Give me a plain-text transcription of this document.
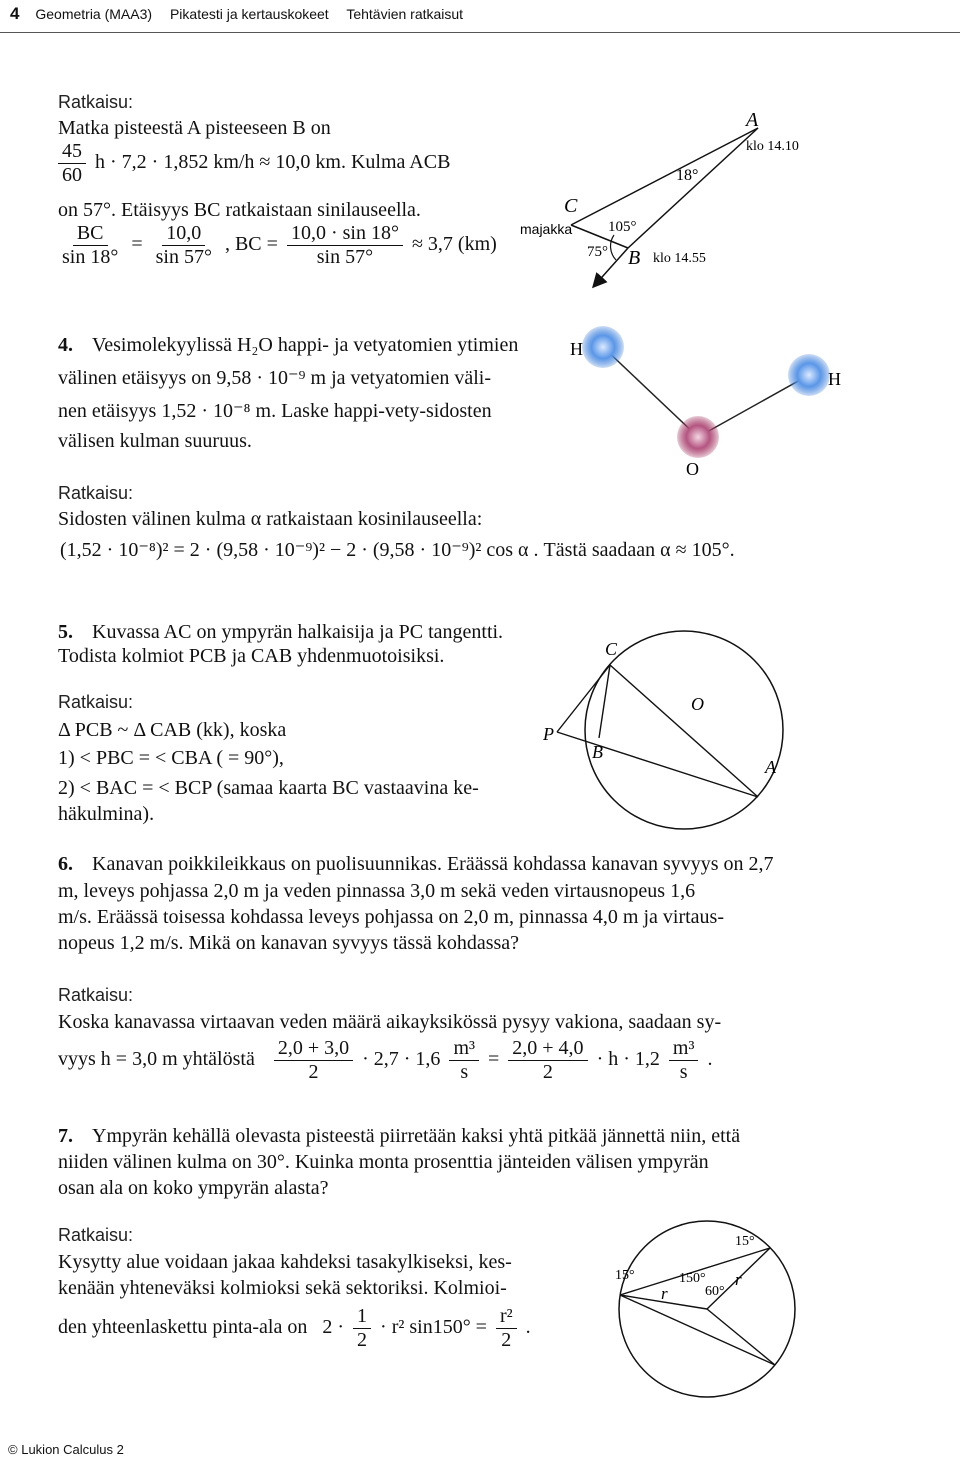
4 Geometria (MAA3) Pikatesti ja kertauskokeet Tehtävien ratkaisut
Ratkaisu:
Matka pisteestä A pisteeseen B on
$\frac{45}{60}$ h · 7,2 · 1,852 km/h ≈ 10,0 km. Kulma ACB
on 57°. Etäisyys BC ratkaistaan sinilauseella.
$\frac{BC}{\sin 18^\circ} = \frac{10,0}{\sin 57^\circ}$ , BC = $\frac{10,0 \cdot \sin 18^\circ}{\sin 57^\circ} \approx 3,7$ (km)
A
klo 14.10
18°
C
majakka 105°
75° B klo 14.55
4. Vesimolekyylissä H₂O happi- ja vetyatomien ytimien
välinen etäisyys on 9,58 · 10⁻⁹ m ja vetyatomien väli-
nen etäisyys 1,52 · 10⁻⁸ m. Laske happi-vety-sidosten
välisen kulman suuruus.
Ratkaisu:
Sidosten välinen kulma α ratkaistaan kosinilauseella:
(1,52 · 10⁻⁸)² = 2 · (9,58 · 10⁻⁹)² − 2 · (9,58 · 10⁻⁹)² cos α . Tästä saadaan α ≈ 105°.
H
H
O
5. Kuvassa AC on ympyrän halkaisija ja PC tangentti.
Todista kolmiot PCB ja CAB yhdenmuotoisiksi.
Ratkaisu:
Δ PCB ~ Δ CAB (kk), koska
1) < PBC = < CBA ( = 90°),
2) < BAC = < BCP (samaa kaarta BC vastaavina ke-
häkulmina).
C
O
P
B
A
6. Kanavan poikkileikkaus on puolisuunnikas. Eräässä kohdassa kanavan syvyys on 2,7
m, leveys pohjassa 2,0 m ja veden pinnassa 3,0 m sekä veden virtausnopeus 1,6
m/s. Eräässä toisessa kohdassa leveys pohjassa on 2,0 m, pinnassa 4,0 m ja virtaus-
nopeus 1,2 m/s. Mikä on kanavan syvyys tässä kohdassa?
Ratkaisu:
Koska kanavassa virtaavan veden määrä aikayksikössä pysyy vakiona, saadaan sy-
vyys h = 3,0 m yhtälöstä $\frac{2,0 + 3,0}{2} \cdot 2,7 \cdot 1,6 \frac{\text{m³}}{s} = \frac{2,0 + 4,0}{2} \cdot h \cdot 1,2 \frac{\text{m³}}{s}$ .
7. Ympyrän kehällä olevasta pisteestä piirretään kaksi yhtä pitkää jännettä niin, että
niiden välinen kulma on 30°. Kuinka monta prosenttia jänteiden välisen ympyrän
osan ala on koko ympyrän alasta?
Ratkaisu:
Kysytty alue voidaan jakaa kahdeksi tasakylkiseksi, kes-
kenään yhteneväksi kolmioksi sekä sektoriksi. Kolmioi-
den yhteenlaskettu pinta-ala on $2 \cdot \frac{1}{2} \cdot r^2$ $\sin 150^\circ = \frac{\text{r²}}{2}$ .
15°
15°	150°
60°
r
r
© Lukion Calculus 2
